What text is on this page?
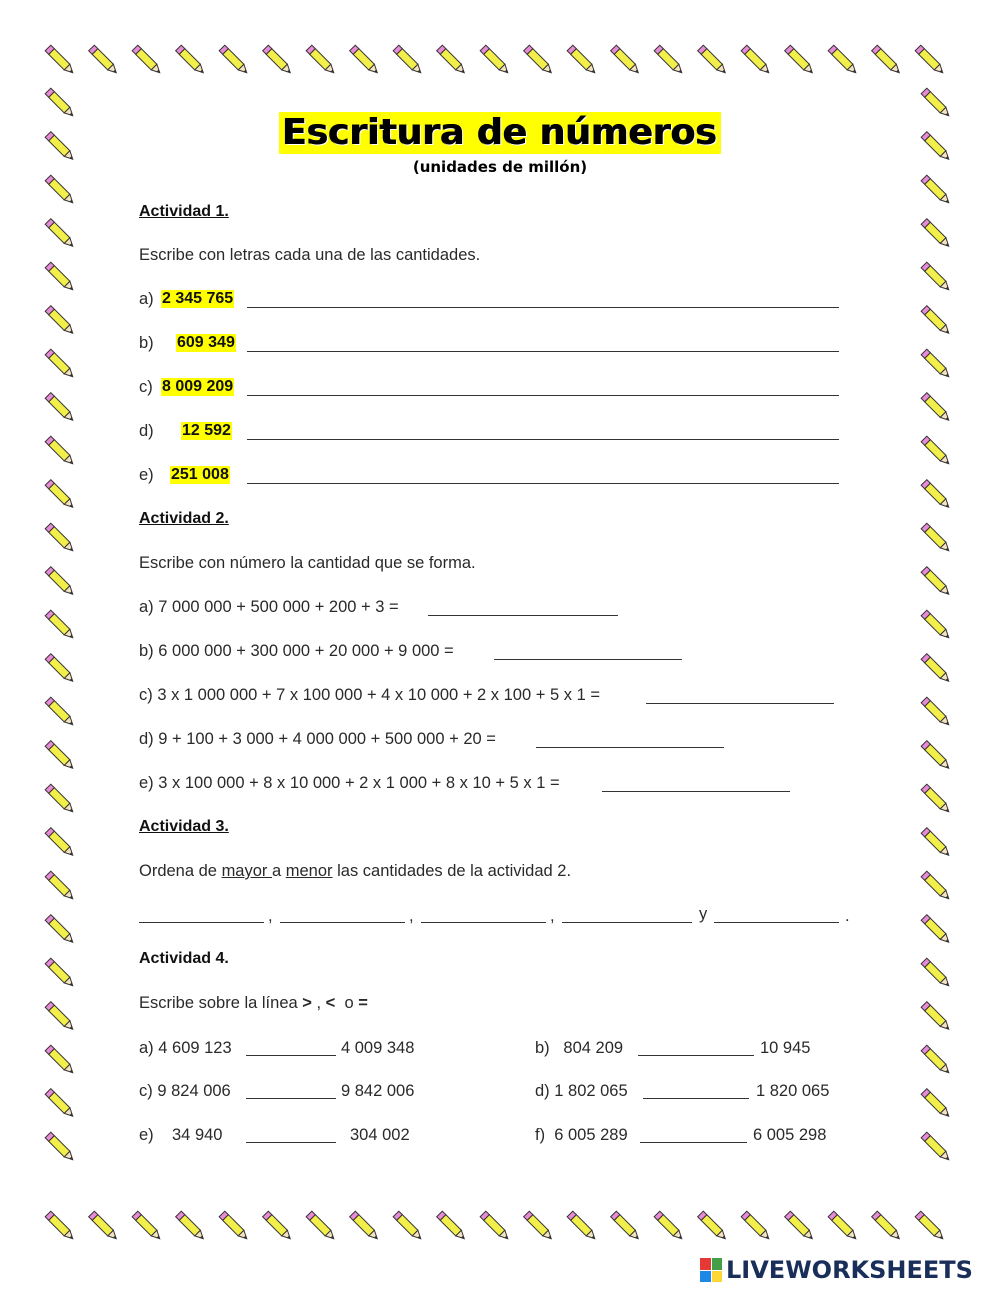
Escritura de números
(unidades de millón)
Actividad 1.
Escribe con letras cada una de las cantidades.
a) 2 345 765
b) 609 349
c) 8 009 209
d) 12 592
e) 251 008
Actividad 2.
Escribe con número la cantidad que se forma.
a) 7 000 000 + 500 000 + 200 + 3 =
b) 6 000 000 + 300 000 + 20 000 + 9 000 =
c) 3 x 1 000 000 + 7 x 100 000 + 4 x 10 000 + 2 x 100 + 5 x 1 =
d) 9 + 100 + 3 000 + 4 000 000 + 500 000 + 20 =
e) 3 x 100 000 + 8 x 10 000 + 2 x 1 000 + 8 x 10 + 5 x 1 =
Actividad 3.
Ordena de mayor a menor las cantidades de la actividad 2.
,	,	,	y	.
Actividad 4.
Escribe sobre la línea > , <  o =
a) 4 609 123	4 009 348	b)   804 209	10 945
c) 9 824 006	9 842 006	d) 1 802 065	1 820 065
e)    34 940	304 002	f)  6 005 289	6 005 298
LIVEWORKSHEETS
